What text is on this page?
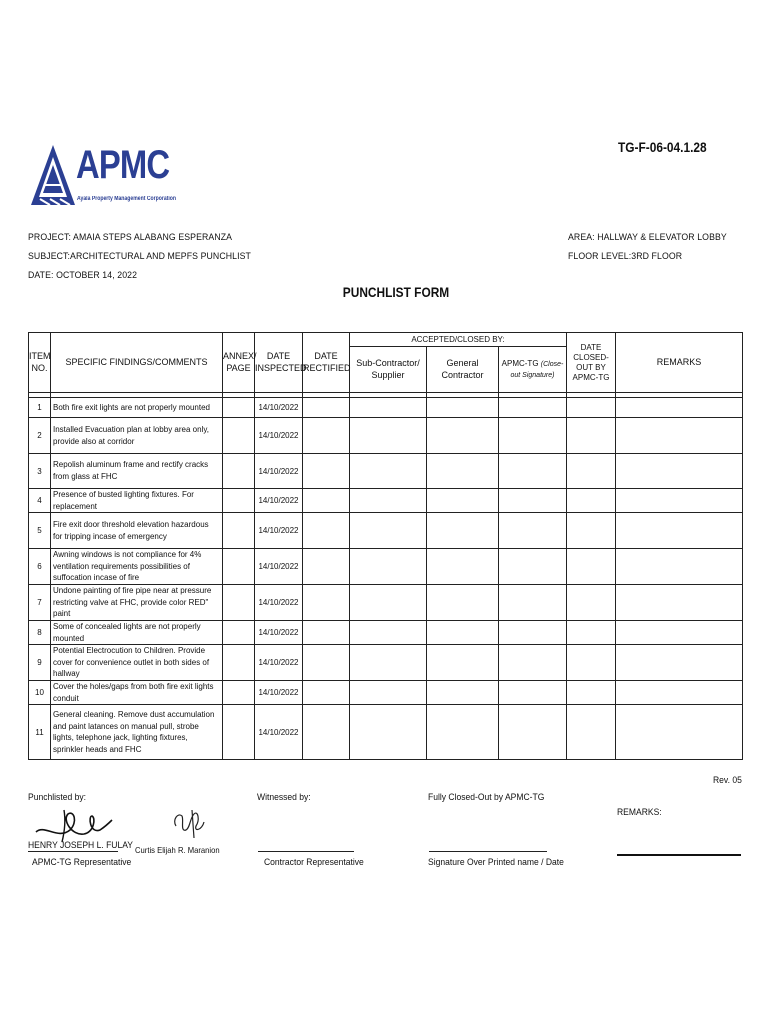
TG-F-06-04.1.28
APMC
Ayala Property Management Corporation
PROJECT: AMAIA STEPS ALABANG ESPERANZA
SUBJECT:ARCHITECTURAL AND MEPFS PUNCHLIST
DATE: OCTOBER 14, 2022
AREA: HALLWAY & ELEVATOR LOBBY
FLOOR LEVEL:3RD FLOOR
PUNCHLIST FORM
ITEM NO.	SPECIFIC FINDINGS/COMMENTS	ANNEX/ PAGE	DATE INSPECTED	DATE RECTIFIED	ACCEPTED/CLOSED BY:			DATE CLOSED-OUT BY APMC-TG	REMARKS
					Sub-Contractor/ Supplier	General Contractor	APMC-TG (Close-out Signature)		

1	Both fire exit lights are not properly mounted		14/10/2022						
2	Installed Evacuation plan at lobby area only, provide also at corridor		14/10/2022						
3	Repolish aluminum frame and rectify cracks from glass at FHC		14/10/2022						
4	Presence of busted lighting fixtures. For replacement		14/10/2022						
5	Fire exit door threshold elevation hazardous for tripping incase of emergency		14/10/2022						
6	Awning windows is not compliance for 4% ventilation requirements possibilities of suffocation incase of fire		14/10/2022						
7	Undone painting of fire pipe near at pressure restricting valve at FHC, provide color RED" paint		14/10/2022						
8	Some of concealed lights are not properly mounted		14/10/2022						
9	Potential Electrocution to Children. Provide cover for convenience outlet in both sides of hallway		14/10/2022						
10	Cover the holes/gaps from both fire exit lights conduit		14/10/2022						
11	General cleaning. Remove dust accumulation and paint latances on manual pull, strobe lights, telephone jack, lighting fixtures, sprinkler heads and FHC		14/10/2022						
Rev. 05
Punchlisted by:
HENRY JOSEPH L. FULAY
APMC-TG Representative
Curtis Elijah R. Maranion
Witnessed by:
Contractor Representative
Fully Closed-Out by APMC-TG
Signature Over Printed name / Date
REMARKS:
